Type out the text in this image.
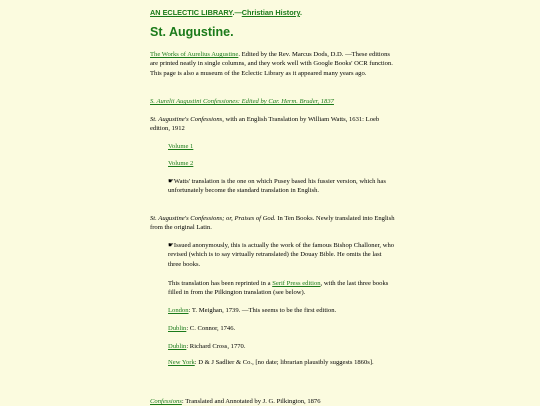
AN ECLECTIC LIBRARY.—Christian History.
St. Augustine.
The Works of Aurelius Augustine. Edited by the Rev. Marcus Dods, D.D. —These editions are printed neatly in single columns, and they work well with Google Books' OCR function. This page is also a museum of the Eclectic Library as it appeared many years ago.
S. Aurelii Augustini Confessiones: Edited by Car. Herm. Bruder, 1837
St. Augustine's Confessions, with an English Translation by William Watts, 1631: Loeb edition, 1912
Volume 1
Volume 2
☛Watts' translation is the one on which Pusey based his fussier version, which has unfortunately become the standard translation in English.
St. Augustine's Confessions; or, Praises of God. In Ten Books. Newly translated into English from the original Latin.
☛Issued anonymously, this is actually the work of the famous Bishop Challoner, who revised (which is to say virtually retranslated) the Douay Bible. He omits the last three books.
This translation has been reprinted in a Serif Press edition, with the last three books filled in from the Pilkington translation (see below).
London: T. Meighan, 1739. —This seems to be the first edition.
Dublin: C. Connor, 1746.
Dublin: Richard Cross, 1770.
New York: D & J Sadlier & Co., [no date; librarian plausibly suggests 1860s].
Confessions: Translated and Annotated by J. G. Pilkington, 1876
